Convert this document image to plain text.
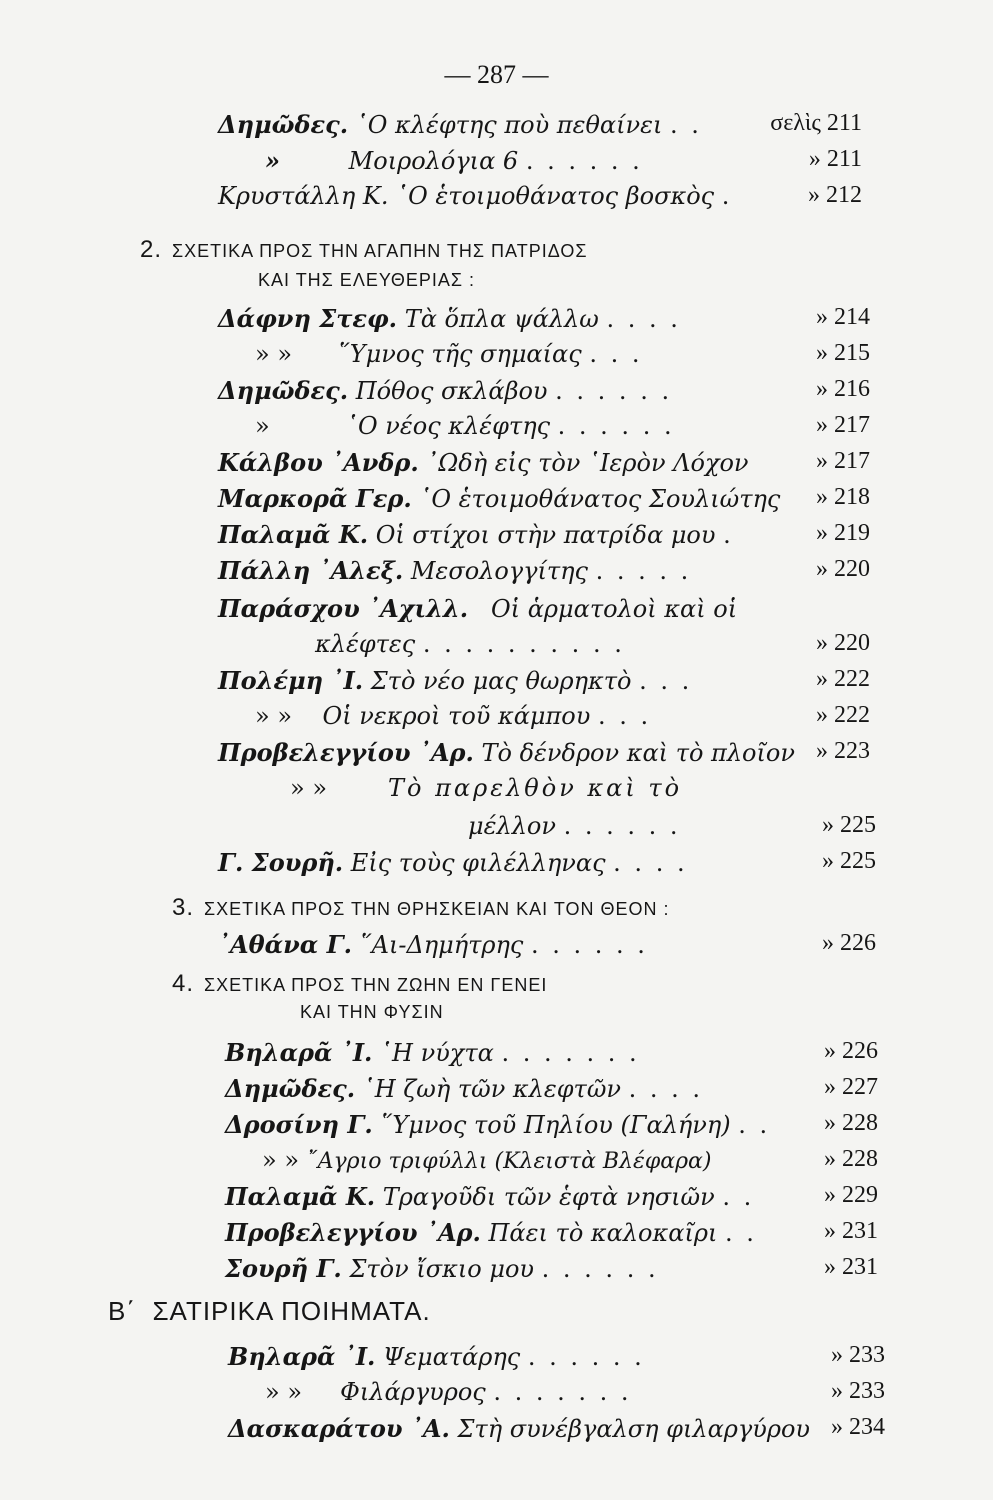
— 287 —
Δημῶδες. ῾Ο κλέφτης ποὺ πεθαίνει . .	σελὶς 211
»	Μοιρολόγια 6 . . . . . .	» 211
Κρυστάλλη Κ. ῾Ο ἑτοιμοθάνατος βοσκὸς .	» 212
2. ΣΧΕΤΙΚΑ ΠΡΟΣ ΤΗΝ ΑΓΑΠΗΝ ΤΗΣ ΠΑΤΡΙΔΟΣ
ΚΑΙ ΤΗΣ ΕΛΕΥΘΕΡΙΑΣ :
Δάφνη Στεφ. Τὰ ὅπλα ψάλλω . . . .	» 214
» » ῞Υμνος τῆς σημαίας . . .	» 215
Δημῶδες. Πόθος σκλάβου . . . . . .	» 216
»	῾Ο νέος κλέφτης . . . . . .	» 217
Κάλβου ᾿Ανδρ. ᾿Ωδὴ εἰς τὸν ῾Ιερὸν Λόχον	» 217
Μαρκορᾶ Γερ. ῾Ο ἑτοιμοθάνατος Σουλιώτης	» 218
Παλαμᾶ Κ. Οἱ στίχοι στὴν πατρίδα μου .	» 219
Πάλλη ᾿Αλεξ. Μεσολογγίτης . . . . .	» 220
Παράσχου ᾿Αχιλλ. Οἱ ἁρματολοὶ καὶ οἱ
κλέφτες . . . . . . . . . .	» 220
Πολέμη ᾿Ι. Στὸ νέο μας θωρηκτὸ . . .	» 222
» » Οἱ νεκροὶ τοῦ κάμπου . . .	» 222
Προβελεγγίου ᾿Αρ. Τὸ δένδρον καὶ τὸ πλοῖον » 223
» »	Τὸ παρελθὸν καὶ τὸ
μέλλον . . . . . .	» 225
Γ. Σουρῆ. Εἰς τοὺς φιλέλληνας . . . .	» 225
3. ΣΧΕΤΙΚΑ ΠΡΟΣ ΤΗΝ ΘΡΗΣΚΕΙΑΝ ΚΑΙ ΤΟΝ ΘΕΟΝ :
᾿Αθάνα Γ. ῞Αι-Δημήτρης . . . . . .	» 226
4. ΣΧΕΤΙΚΑ ΠΡΟΣ ΤΗΝ ΖΩΗΝ ΕΝ ΓΕΝΕΙ
ΚΑΙ ΤΗΝ ΦΥΣΙΝ
Βηλαρᾶ ᾿Ι. ῾Η νύχτα . . . . . . .	» 226
Δημῶδες. ῾Η ζωὴ τῶν κλεφτῶν . . . .	» 227
Δροσίνη Γ. ῞Υμνος τοῦ Πηλίου (Γαλήνη) . .	» 228
» » ῎Αγριο τριφύλλι (Κλειστὰ Βλέφαρα)	» 228
Παλαμᾶ Κ. Τραγοῦδι τῶν ἑφτὰ νησιῶν . .	» 229
Προβελεγγίου ᾿Αρ. Πάει τὸ καλοκαῖρι . .	» 231
Σουρῆ Γ. Στὸν ἴσκιο μου . . . . . .	» 231
Β΄ ΣΑΤΙΡΙΚΑ ΠΟΙΗΜΑΤΑ.
Βηλαρᾶ ᾿Ι. Ψεματάρης . . . . . .	» 233
» » Φιλάργυρος . . . . . . .	» 233
Δασκαράτου ᾿Α. Στὴ συνέβγαλση φιλαργύρου » 234
